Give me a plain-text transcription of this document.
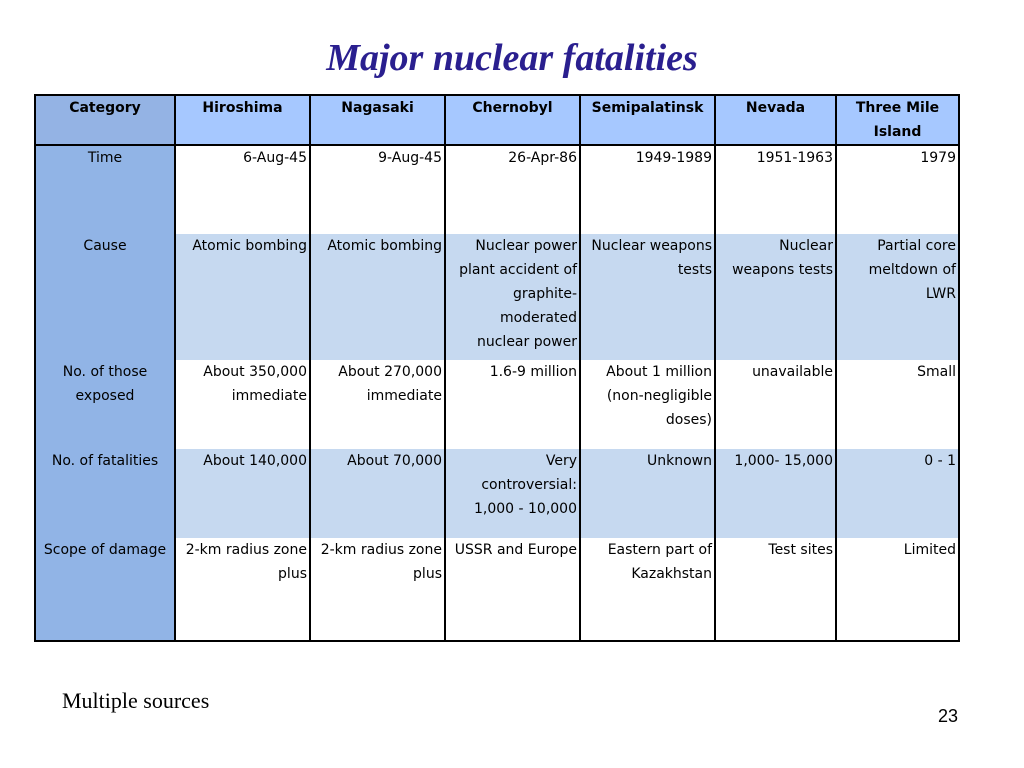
Major nuclear fatalities
Category	Hiroshima	Nagasaki	Chernobyl	Semipalatinsk	Nevada	Three Mile Island
Time	6-Aug-45	9-Aug-45	26-Apr-86	1949-1989	1951-1963	1979
Cause	Atomic bombing	Atomic bombing	Nuclear power plant accident of graphite-moderated nuclear power	Nuclear weapons tests	Nuclear weapons tests	Partial core meltdown of LWR
No. of those exposed	About 350,000 immediate	About 270,000 immediate	1.6-9 million	About 1 million (non-negligible doses)	unavailable	Small
No. of fatalities	About 140,000	About 70,000	Very controversial: 1,000 - 10,000	Unknown	1,000- 15,000	0 - 1
Scope of damage	2-km radius zone plus	2-km radius zone plus	USSR and Europe	Eastern part of Kazakhstan	Test sites	Limited
Multiple sources
23
